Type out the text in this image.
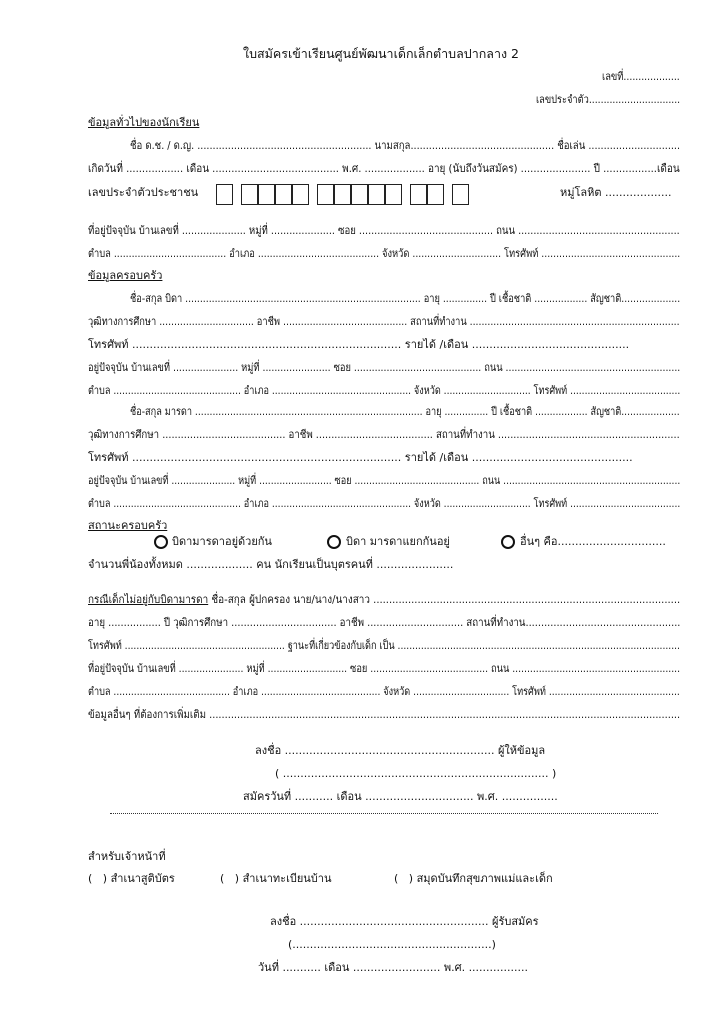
ใบสมัครเข้าเรียนศูนย์พัฒนาเด็กเล็กตำบลปากลาง 2
เลขที่...................
เลขประจำตัว...............................
ข้อมูลทั่วไปของนักเรียน
ชื่อ ด.ช. / ด.ญ. ......................................................... นามสกุล............................................... ชื่อเล่น ..............................
เกิดวันที่ .................. เดือน ........................................ พ.ศ. ................... อายุ (นับถึงวันสมัคร) ...................... ปี .................เดือน
เลขประจำตัวประชาชน	หมู่โลหิต ...................
ที่อยู่ปัจจุบัน บ้านเลขที่ ..................... หมู่ที่ ..................... ซอย ............................................ ถนน .....................................................
ตำบล ...................................... อำเภอ ......................................... จังหวัด .............................. โทรศัพท์ ...............................................
ข้อมูลครอบครัว
ชื่อ-สกุล บิดา ................................................................................ อายุ ............... ปี เชื้อชาติ .................. สัญชาติ....................
วุฒิทางการศึกษา ................................ อาชีพ .......................................... สถานที่ทำงาน .......................................................................
โทรศัพท์ ............................................................................. รายได้ /เดือน .............................................
อยู่ปัจจุบัน บ้านเลขที่ ...................... หมู่ที่ ....................... ซอย ........................................... ถนน ...........................................................
ตำบล ............................................ อำเภอ ................................................ จังหวัด .............................. โทรศัพท์ ......................................
ชื่อ-สกุล มารดา .............................................................................. อายุ ............... ปี เชื้อชาติ .................. สัญชาติ....................
วุฒิทางการศึกษา ........................................ อาชีพ ...................................... สถานที่ทำงาน ...........................................................
โทรศัพท์ ............................................................................. รายได้ /เดือน ..............................................
อยู่ปัจจุบัน บ้านเลขที่ ...................... หมู่ที่ ......................... ซอย ........................................... ถนน .............................................................
ตำบล ............................................ อำเภอ ................................................ จังหวัด .............................. โทรศัพท์ ......................................
สถานะครอบครัว
บิดามารดาอยู่ด้วยกัน	บิดา มารดาแยกกันอยู่	อื่นๆ คือ...............................
จำนวนพี่น้องทั้งหมด ................... คน นักเรียนเป็นบุตรคนที่ ......................
กรณีเด็กไม่อยู่กับบิดามารดา ชื่อ-สกุล ผู้ปกครอง นาย/นาง/นางสาว .................................................................................................
อายุ ................. ปี วุฒิการศึกษา .................................. อาชีพ ............................... สถานที่ทำงาน..................................................
โทรศัพท์ ....................................................... ฐานะที่เกี่ยวข้องกับเด็ก เป็น .................................................................................................
ที่อยู่ปัจจุบัน บ้านเลขที่ ...................... หมู่ที่ ........................... ซอย ........................................ ถนน .........................................................
ตำบล ........................................ อำเภอ ......................................... จังหวัด ................................. โทรศัพท์ .............................................
ข้อมูลอื่นๆ ที่ต้องการเพิ่มเติม ........................................................................................................................................................
ลงชื่อ ............................................................ ผู้ให้ข้อมูล
( ............................................................................ )
สมัครวันที่ ........... เดือน ............................... พ.ศ. ................
สำหรับเจ้าหน้าที่
(   ) สำเนาสูติบัตร	(   ) สำเนาทะเบียนบ้าน	(   ) สมุดบันทึกสุขภาพแม่และเด็ก
ลงชื่อ ...................................................... ผู้รับสมัคร
(.........................................................)
วันที่ ........... เดือน ......................... พ.ศ. .................
